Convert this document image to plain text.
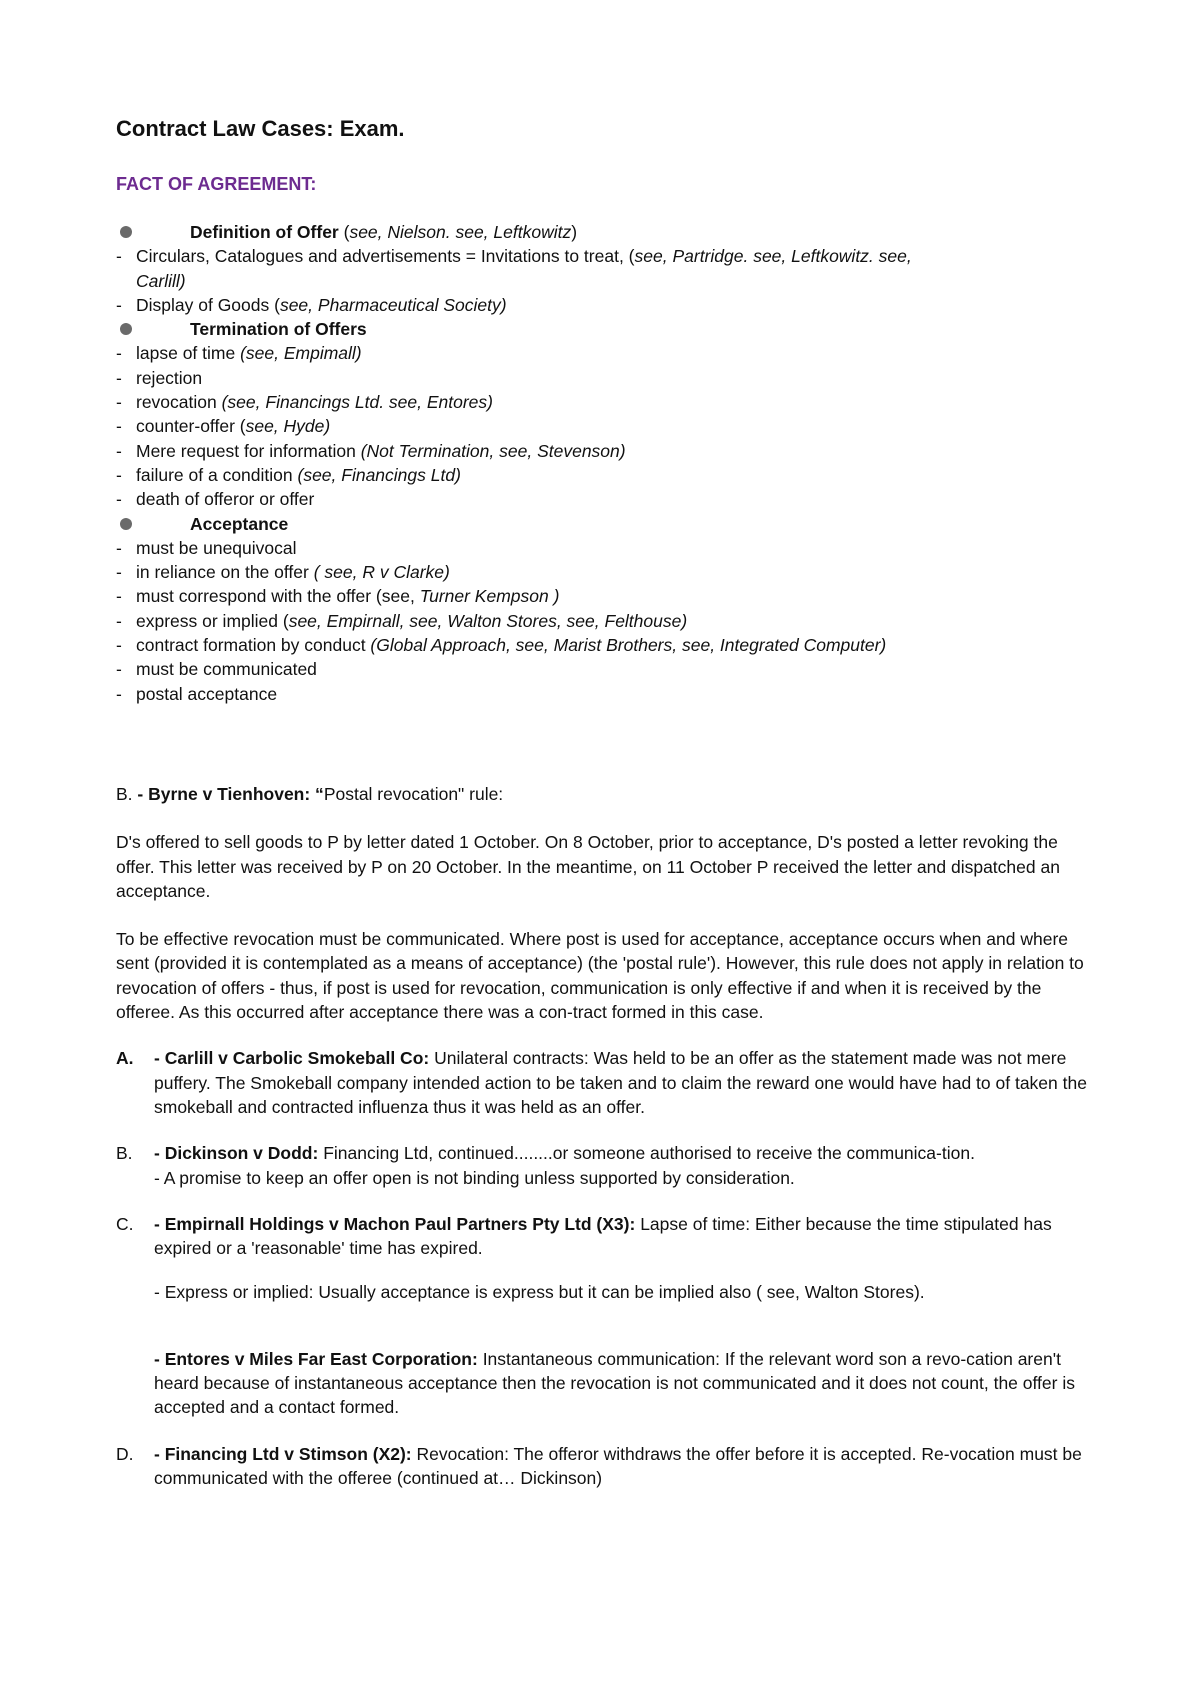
Contract Law Cases: Exam.
FACT OF AGREEMENT:
Definition of Offer (see, Nielson. see, Leftkowitz)
- Circulars, Catalogues and advertisements = Invitations to treat, (see, Partridge. see, Leftkowitz. see,
Carlill)
- Display of Goods (see, Pharmaceutical Society)
Termination of Offers
- lapse of time (see, Empimall)
- rejection
- revocation (see, Financings Ltd. see, Entores)
- counter-offer (see, Hyde)
- Mere request for information (Not Termination, see, Stevenson)
- failure of a condition (see, Financings Ltd)
- death of offeror or offer
Acceptance
- must be unequivocal
- in reliance on the offer ( see, R v Clarke)
- must correspond with the offer (see, Turner Kempson )
- express or implied (see, Empirnall, see, Walton Stores, see, Felthouse)
- contract formation by conduct (Global Approach, see, Marist Brothers, see, Integrated Computer)
- must be communicated
- postal acceptance

B. - Byrne v Tienhoven: “Postal revocation" rule:

D's offered to sell goods to P by letter dated 1 October. On 8 October, prior to acceptance, D's posted a letter revoking the offer. This letter was received by P on 20 October. In the meantime, on 11 October P received the letter and dispatched an acceptance.

To be effective revocation must be communicated. Where post is used for acceptance, acceptance occurs when and where sent (provided it is contemplated as a means of acceptance) (the 'postal rule'). However, this rule does not apply in relation to revocation of offers - thus, if post is used for revocation, communication is only effective if and when it is received by the offeree. As this occurred after acceptance there was a con-tract formed in this case.

A. - Carlill v Carbolic Smokeball Co: Unilateral contracts: Was held to be an offer as the statement made was not mere puffery. The Smokeball company intended action to be taken and to claim the reward one would have had to of taken the smokeball and contracted influenza thus it was held as an offer.

B. - Dickinson v Dodd: Financing Ltd, continued........or someone authorised to receive the communica-tion.

- A promise to keep an offer open is not binding unless supported by consideration.

C. - Empirnall Holdings v Machon Paul Partners Pty Ltd (X3): Lapse of time: Either because the time stipulated has expired or a 'reasonable' time has expired.

- Express or implied: Usually acceptance is express but it can be implied also ( see, Walton Stores).

- Entores v Miles Far East Corporation: Instantaneous communication: If the relevant word son a revo-cation aren't heard because of instantaneous acceptance then the revocation is not communicated and it does not count, the offer is accepted and a contact formed.

D. - Financing Ltd v Stimson (X2): Revocation: The offeror withdraws the offer before it is accepted. Re-vocation must be communicated with the offeree (continued at… Dickinson)
